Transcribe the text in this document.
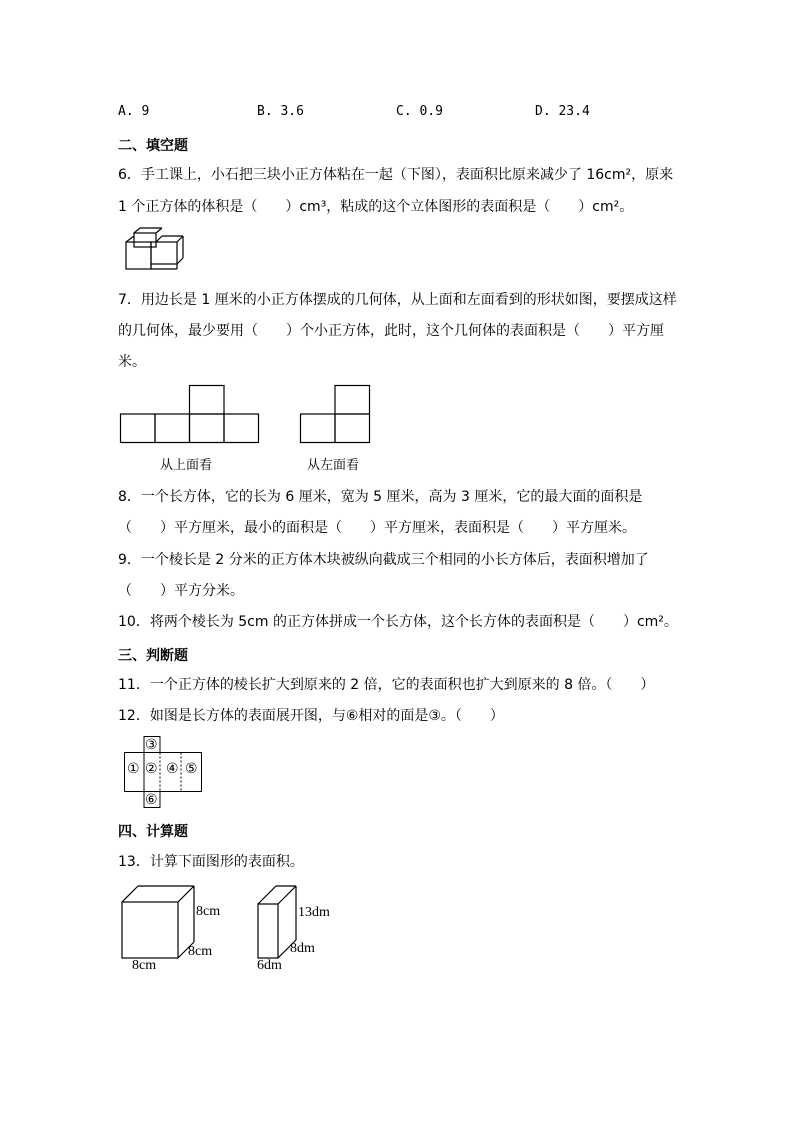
A. 9	B. 3.6	C. 0.9	D. 23.4
二、填空题
6．手工课上，小石把三块小正方体粘在一起（下图），表面积比原来减少了 16cm²，原来
1 个正方体的体积是（　　）cm³，粘成的这个立体图形的表面积是（　　）cm²。
7．用边长是 1 厘米的小正方体摆成的几何体，从上面和左面看到的形状如图，要摆成这样
的几何体，最少要用（　　）个小正方体，此时，这个几何体的表面积是（　　）平方厘
米。
从上面看	从左面看
8．一个长方体，它的长为 6 厘米，宽为 5 厘米，高为 3 厘米，它的最大面的面积是
（　　）平方厘米，最小的面积是（　　）平方厘米，表面积是（　　）平方厘米。
9．一个棱长是 2 分米的正方体木块被纵向截成三个相同的小长方体后，表面积增加了
（　　）平方分米。
10．将两个棱长为 5cm 的正方体拼成一个长方体，这个长方体的表面积是（　　）cm²。
三、判断题
11．一个正方体的棱长扩大到原来的 2 倍，它的表面积也扩大到原来的 8 倍。（　　）
12．如图是长方体的表面展开图，与⑥相对的面是③。（　　）
③
① ② ④ ⑤
⑥
四、计算题
13．计算下面图形的表面积。
8cm
8cm
8cm
13dm
8dm
6dm
